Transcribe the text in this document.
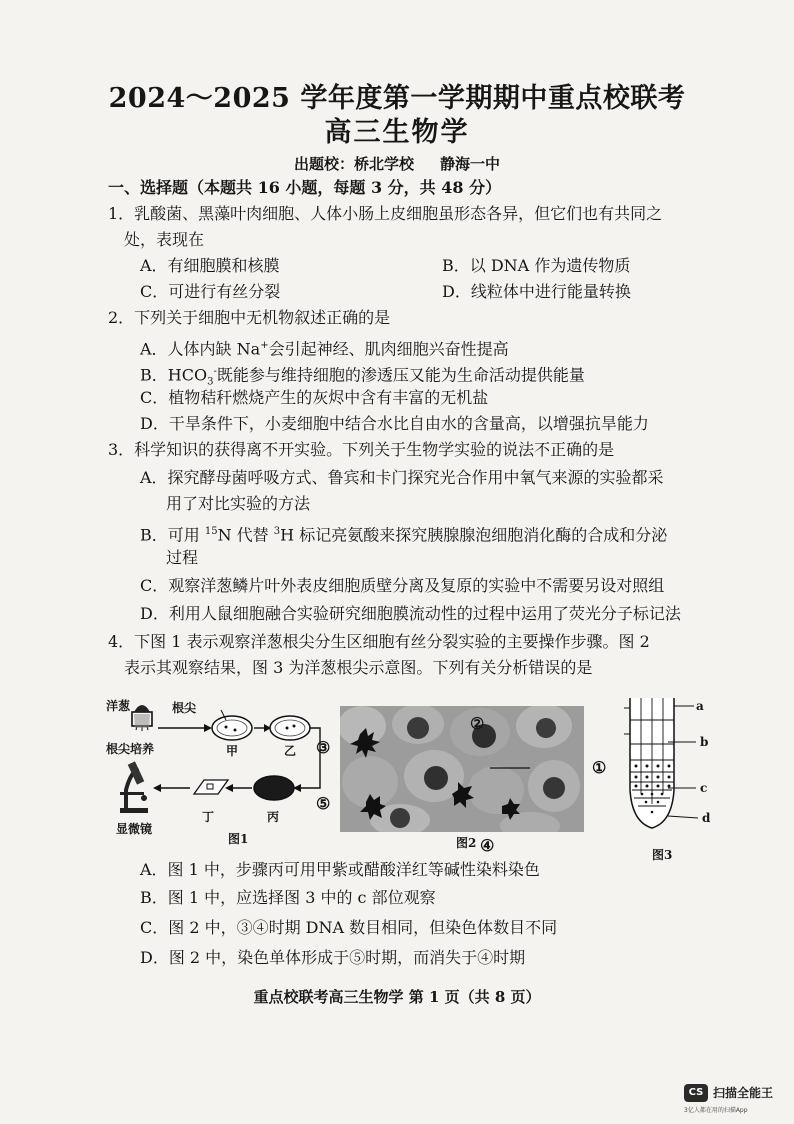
2024～2025 学年度第一学期期中重点校联考
高三生物学
出题校：桥北学校 静海一中
一、选择题（本题共 16 小题，每题 3 分，共 48 分）
1．乳酸菌、黑藻叶肉细胞、人体小肠上皮细胞虽形态各异，但它们也有共同之
处，表现在
A．有细胞膜和核膜	B．以 DNA 作为遗传物质
C．可进行有丝分裂	D．线粒体中进行能量转换
2．下列关于细胞中无机物叙述正确的是
A．人体内缺 Na+会引起神经、肌肉细胞兴奋性提高
B．$HCO_3^-$既能参与维持细胞的渗透压又能为生命活动提供能量
C．植物秸秆燃烧产生的灰烬中含有丰富的无机盐
D．干旱条件下，小麦细胞中结合水比自由水的含量高，以增强抗旱能力
3．科学知识的获得离不开实验。下列关于生物学实验的说法不正确的是
A．探究酵母菌呼吸方式、鲁宾和卡门探究光合作用中氧气来源的实验都采
用了对比实验的方法
B．可用 $^{15}$N 代替 $^3$H 标记亮氨酸来探究胰腺腺泡细胞消化酶的合成和分泌
过程
C．观察洋葱鳞片叶外表皮细胞质壁分离及复原的实验中不需要另设对照组
D．利用人鼠细胞融合实验研究细胞膜流动性的过程中运用了荧光分子标记法
4．下图 1 表示观察洋葱根尖分生区细胞有丝分裂实验的主要操作步骤。图 2
表示其观察结果，图 3 为洋葱根尖示意图。下列有关分析错误的是
洋葱	根尖
根尖培养	甲	乙
丙
丁
显微镜
图1
②
③
①
⑤
④
图2
a
b
c
d
图3
A．图 1 中，步骤丙可用甲紫或醋酸洋红等碱性染料染色
B．图 1 中，应选择图 3 中的 c 部位观察
C．图 2 中，③④时期 DNA 数目相同，但染色体数目不同
D．图 2 中，染色单体形成于⑤时期，而消失于④时期
重点校联考高三生物学 第 1 页（共 8 页）
CS 扫描全能王
3亿人都在用的扫描App
